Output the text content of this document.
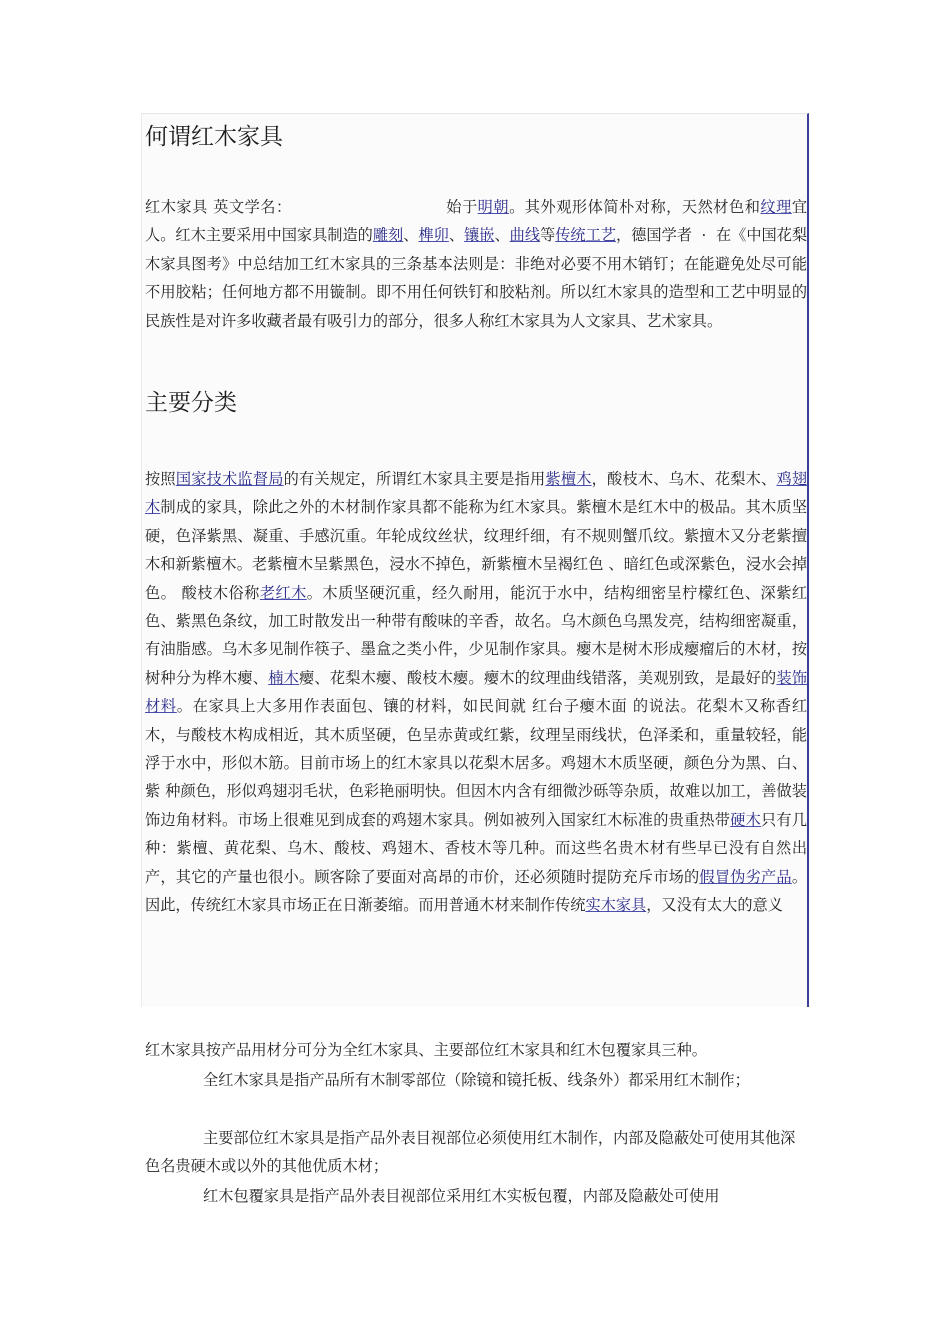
何谓红木家具

红木家具 英文学名：	始于明朝。其外观形体简朴对称，天然材色和纹理宜人。红木主要采用中国家具制造的雕刻、榫卯、镶嵌、曲线等传统工艺，德国学者 · 在《中国花梨木家具图考》中总结加工红木家具的三条基本法则是：非绝对必要不用木销钉；在能避免处尽可能不用胶粘；任何地方都不用镟制。即不用任何铁钉和胶粘剂。所以红木家具的造型和工艺中明显的民族性是对许多收藏者最有吸引力的部分，很多人称红木家具为人文家具、艺术家具。

主要分类

按照国家技术监督局的有关规定，所谓红木家具主要是指用紫檀木，酸枝木、乌木、花梨木、鸡翅木制成的家具，除此之外的木材制作家具都不能称为红木家具。紫檀木是红木中的极品。其木质坚硬，色泽紫黑、凝重、手感沉重。年轮成纹丝状，纹理纤细，有不规则蟹爪纹。紫擅木又分老紫擅木和新紫檀木。老紫檀木呈紫黑色，浸水不掉色，新紫檀木呈褐红色 、暗红色或深紫色，浸水会掉色。 酸枝木俗称老红木。木质坚硬沉重，经久耐用，能沉于水中，结构细密呈柠檬红色、深紫红色、紫黑色条纹，加工时散发出一种带有酸味的辛香，故名。乌木颜色乌黑发亮，结构细密凝重，有油脂感。乌木多见制作筷子、墨盒之类小件，少见制作家具。瘿木是树木形成瘿瘤后的木材，按树种分为桦木瘿、楠木瘿、花梨木瘿、酸枝木瘿。瘿木的纹理曲线错落，美观别致，是最好的装饰材料。在家具上大多用作表面包、镶的材料，如民间就 红台子瘿木面 的说法。花梨木又称香红木，与酸枝木构成相近，其木质坚硬，色呈赤黄或红紫，纹理呈雨线状，色泽柔和，重量较轻，能浮于水中，形似木筋。目前市场上的红木家具以花梨木居多。鸡翅木木质坚硬，颜色分为黑、白、紫 种颜色，形似鸡翅羽毛状，色彩艳丽明快。但因木内含有细微沙砾等杂质，故难以加工，善做装饰边角材料。市场上很难见到成套的鸡翅木家具。例如被列入国家红木标准的贵重热带硬木只有几种：紫檀、黄花梨、乌木、酸枝、鸡翅木、香枝木等几种。而这些名贵木材有些早已没有自然出产，其它的产量也很小。顾客除了要面对高昂的市价，还必须随时提防充斥市场的假冒伪劣产品。因此，传统红木家具市场正在日渐萎缩。而用普通木材来制作传统实木家具，又没有太大的意义

红木家具按产品用材分可分为全红木家具、主要部位红木家具和红木包覆家具三种。

全红木家具是指产品所有木制零部位（除镜和镜托板、线条外）都采用红木制作；

主要部位红木家具是指产品外表目视部位必须使用红木制作，内部及隐蔽处可使用其他深色名贵硬木或以外的其他优质木材；

红木包覆家具是指产品外表目视部位采用红木实板包覆，内部及隐蔽处可使用
